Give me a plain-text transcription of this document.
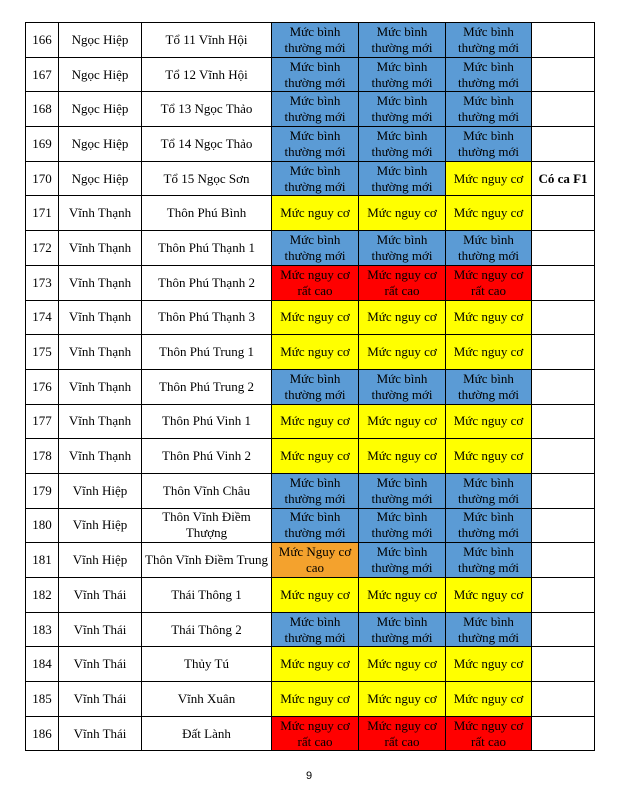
166	Ngọc Hiệp	Tổ 11 Vĩnh Hội	Mức bình thường mới	Mức bình thường mới	Mức bình thường mới	
167	Ngọc Hiệp	Tổ 12 Vĩnh Hội	Mức bình thường mới	Mức bình thường mới	Mức bình thường mới	
168	Ngọc Hiệp	Tổ 13 Ngọc Thảo	Mức bình thường mới	Mức bình thường mới	Mức bình thường mới	
169	Ngọc Hiệp	Tổ 14 Ngọc Thảo	Mức bình thường mới	Mức bình thường mới	Mức bình thường mới	
170	Ngọc Hiệp	Tổ 15 Ngọc Sơn	Mức bình thường mới	Mức bình thường mới	Mức nguy cơ	Có ca F1
171	Vĩnh Thạnh	Thôn Phú Bình	Mức nguy cơ	Mức nguy cơ	Mức nguy cơ	
172	Vĩnh Thạnh	Thôn Phú Thạnh 1	Mức bình thường mới	Mức bình thường mới	Mức bình thường mới	
173	Vĩnh Thạnh	Thôn Phú Thạnh 2	Mức nguy cơ rất cao	Mức nguy cơ rất cao	Mức nguy cơ rất cao	
174	Vĩnh Thạnh	Thôn Phú Thạnh 3	Mức nguy cơ	Mức nguy cơ	Mức nguy cơ	
175	Vĩnh Thạnh	Thôn Phú Trung 1	Mức nguy cơ	Mức nguy cơ	Mức nguy cơ	
176	Vĩnh Thạnh	Thôn Phú Trung 2	Mức bình thường mới	Mức bình thường mới	Mức bình thường mới	
177	Vĩnh Thạnh	Thôn Phú Vinh 1	Mức nguy cơ	Mức nguy cơ	Mức nguy cơ	
178	Vĩnh Thạnh	Thôn Phú Vinh 2	Mức nguy cơ	Mức nguy cơ	Mức nguy cơ	
179	Vĩnh Hiệp	Thôn Vĩnh Châu	Mức bình thường mới	Mức bình thường mới	Mức bình thường mới	
180	Vĩnh Hiệp	Thôn Vĩnh Điềm Thượng	Mức bình thường mới	Mức bình thường mới	Mức bình thường mới	
181	Vĩnh Hiệp	Thôn Vĩnh Điềm Trung	Mức Nguy cơ cao	Mức bình thường mới	Mức bình thường mới	
182	Vĩnh Thái	Thái Thông 1	Mức nguy cơ	Mức nguy cơ	Mức nguy cơ	
183	Vĩnh Thái	Thái Thông 2	Mức bình thường mới	Mức bình thường mới	Mức bình thường mới	
184	Vĩnh Thái	Thủy Tú	Mức nguy cơ	Mức nguy cơ	Mức nguy cơ	
185	Vĩnh Thái	Vĩnh Xuân	Mức nguy cơ	Mức nguy cơ	Mức nguy cơ	
186	Vĩnh Thái	Đất Lành	Mức nguy cơ rất cao	Mức nguy cơ rất cao	Mức nguy cơ rất cao	
9
